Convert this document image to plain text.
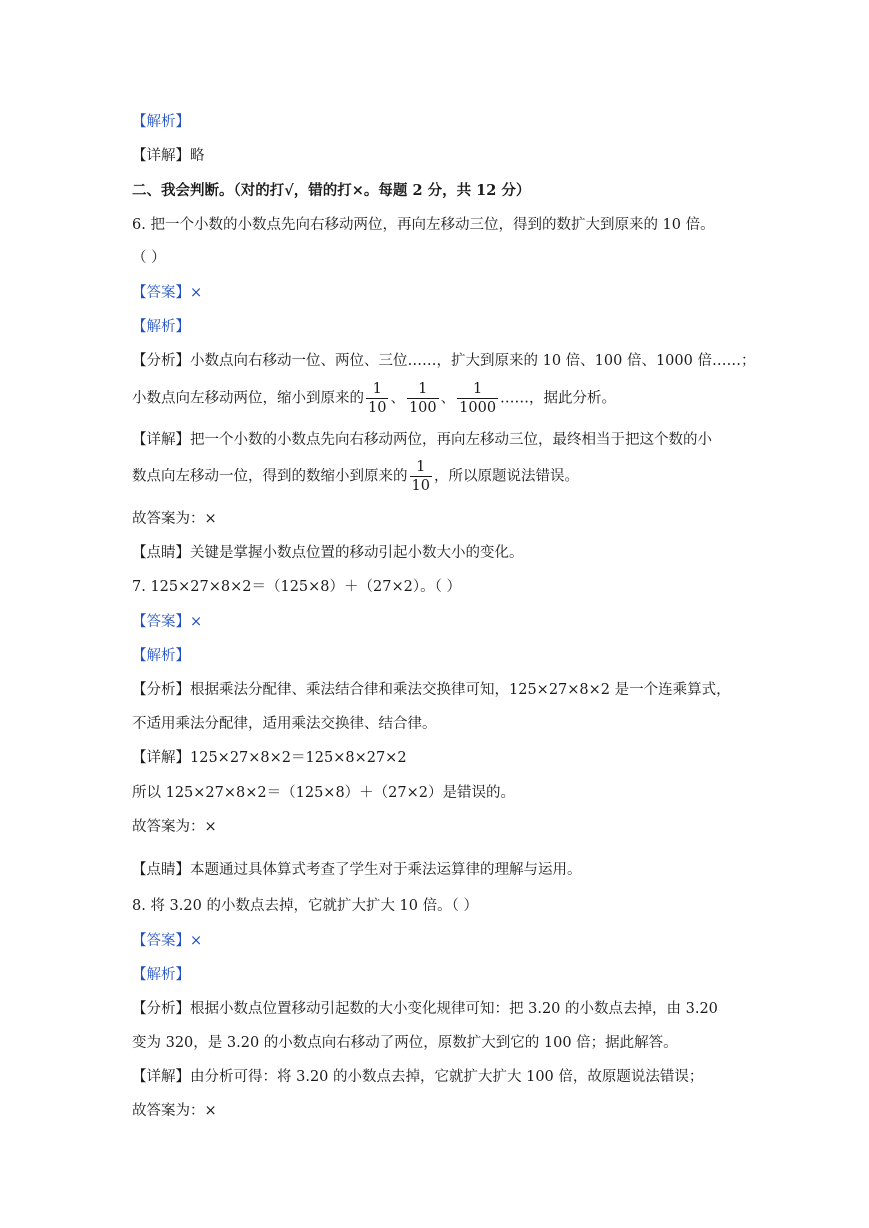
【解析】
【详解】略
二、我会判断。（对的打√，错的打×。每题 2 分，共 12 分）
6. 把一个小数的小数点先向右移动两位，再向左移动三位，得到的数扩大到原来的 10 倍。
（ ）
【答案】×
【解析】
【分析】小数点向右移动一位、两位、三位……，扩大到原来的 10 倍、100 倍、1000 倍……；
小数点向左移动两位，缩小到原来的 $\frac{1}{10}$ 、 $\frac{1}{100}$ 、 $\frac{1}{1000}$ ……，据此分析。
【详解】把一个小数的小数点先向右移动两位，再向左移动三位，最终相当于把这个数的小
数点向左移动一位，得到的数缩小到原来的 $\frac{1}{10}$ ，所以原题说法错误。
故答案为：×
【点睛】关键是掌握小数点位置的移动引起小数大小的变化。
7. 125×27×8×2＝（125×8）＋（27×2）。（ ）
【答案】×
【解析】
【分析】根据乘法分配律、乘法结合律和乘法交换律可知，125×27×8×2 是一个连乘算式，
不适用乘法分配律，适用乘法交换律、结合律。
【详解】125×27×8×2＝125×8×27×2
所以 125×27×8×2＝（125×8）＋（27×2）是错误的。
故答案为：×
【点睛】本题通过具体算式考查了学生对于乘法运算律的理解与运用。
8. 将 3.20 的小数点去掉，它就扩大扩大 10 倍。（ ）
【答案】×
【解析】
【分析】根据小数点位置移动引起数的大小变化规律可知：把 3.20 的小数点去掉，由 3.20
变为 320，是 3.20 的小数点向右移动了两位，原数扩大到它的 100 倍；据此解答。
【详解】由分析可得：将 3.20 的小数点去掉，它就扩大扩大 100 倍，故原题说法错误；
故答案为：×
